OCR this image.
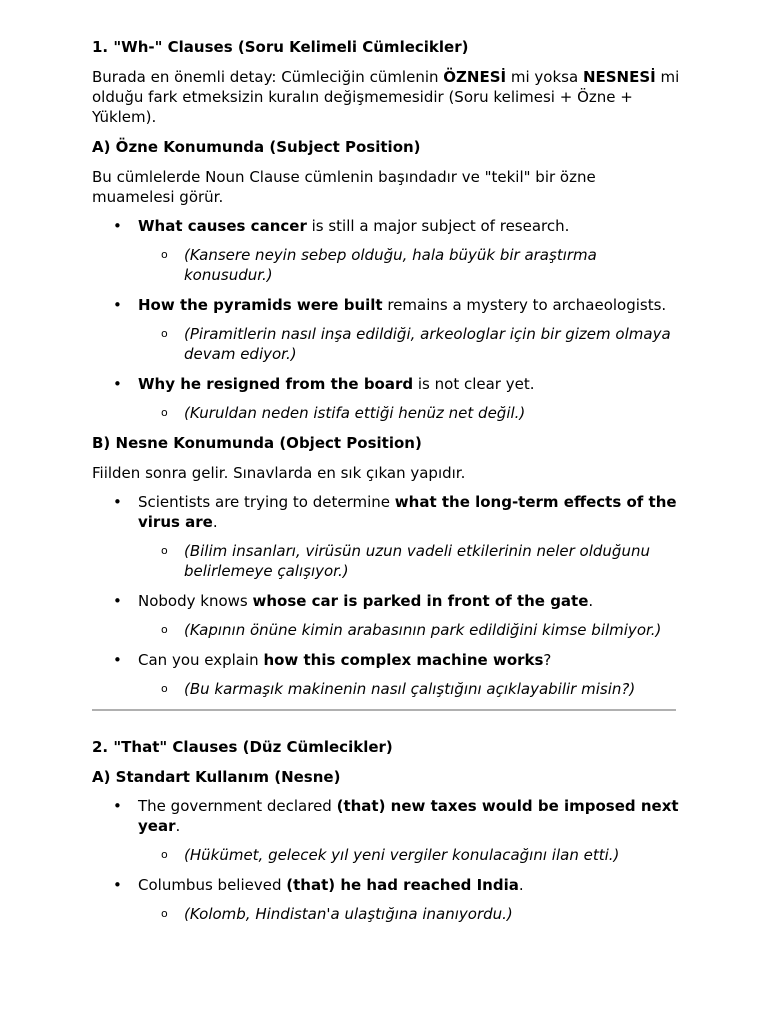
1. "Wh-" Clauses (Soru Kelimeli Cümlecikler)

Burada en önemli detay: Cümleciğin cümlenin ÖZNESİ mi yoksa NESNESİ mi olduğu fark etmeksizin kuralın değişmemesidir (Soru kelimesi + Özne + Yüklem).

A) Özne Konumunda (Subject Position)

Bu cümlelerde Noun Clause cümlenin başındadır ve "tekil" bir özne muamelesi görür.

• What causes cancer is still a major subject of research.
o (Kansere neyin sebep olduğu, hala büyük bir araştırma konusudur.)
• How the pyramids were built remains a mystery to archaeologists.
o (Piramitlerin nasıl inşa edildiği, arkeologlar için bir gizem olmaya devam ediyor.)
• Why he resigned from the board is not clear yet.
o (Kuruldan neden istifa ettiği henüz net değil.)

B) Nesne Konumunda (Object Position)

Fiilden sonra gelir. Sınavlarda en sık çıkan yapıdır.

• Scientists are trying to determine what the long-term effects of the virus are.
o (Bilim insanları, virüsün uzun vadeli etkilerinin neler olduğunu belirlemeye çalışıyor.)
• Nobody knows whose car is parked in front of the gate.
o (Kapının önüne kimin arabasının park edildiğini kimse bilmiyor.)
• Can you explain how this complex machine works?
o (Bu karmaşık makinenin nasıl çalıştığını açıklayabilir misin?)

2. "That" Clauses (Düz Cümlecikler)

A) Standart Kullanım (Nesne)

• The government declared (that) new taxes would be imposed next year.
o (Hükümet, gelecek yıl yeni vergiler konulacağını ilan etti.)
• Columbus believed (that) he had reached India.
o (Kolomb, Hindistan'a ulaştığına inanıyordu.)
